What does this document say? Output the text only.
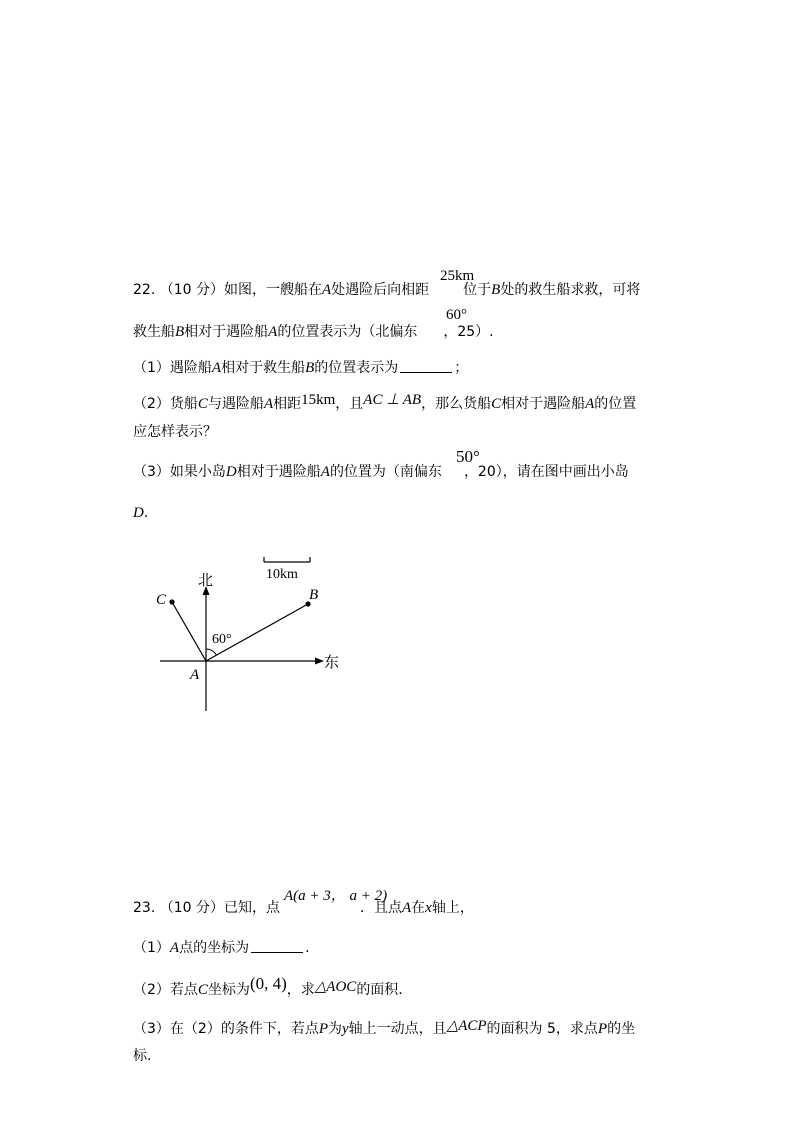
25km
22. （10 分）如图，一艘船在A处遇险后向相距 位于B处的救生船求救，可将
60°
救生船B相对于遇险船A的位置表示为（北偏东 ，25）.
（1）遇险船A相对于救生船B的位置表示为	；
（2）货船C与遇险船A相距15km，且AC ⊥ AB，那么货船C相对于遇险船A的位置
应怎样表示？
50°
（3）如果小岛D相对于遇险船A的位置为（南偏东 ，20），请在图中画出小岛
D.
10km
北
东
B
C
60°
A
A(a + 3， a + 2)
23. （10 分）已知，点	．且点A在x轴上，
（1）A点的坐标为	.
（2）若点C坐标为(0, 4)，求△AOC的面积.
（3）在（2）的条件下，若点P为y轴上一动点，且△ACP的面积为 5，求点P的坐
标.
